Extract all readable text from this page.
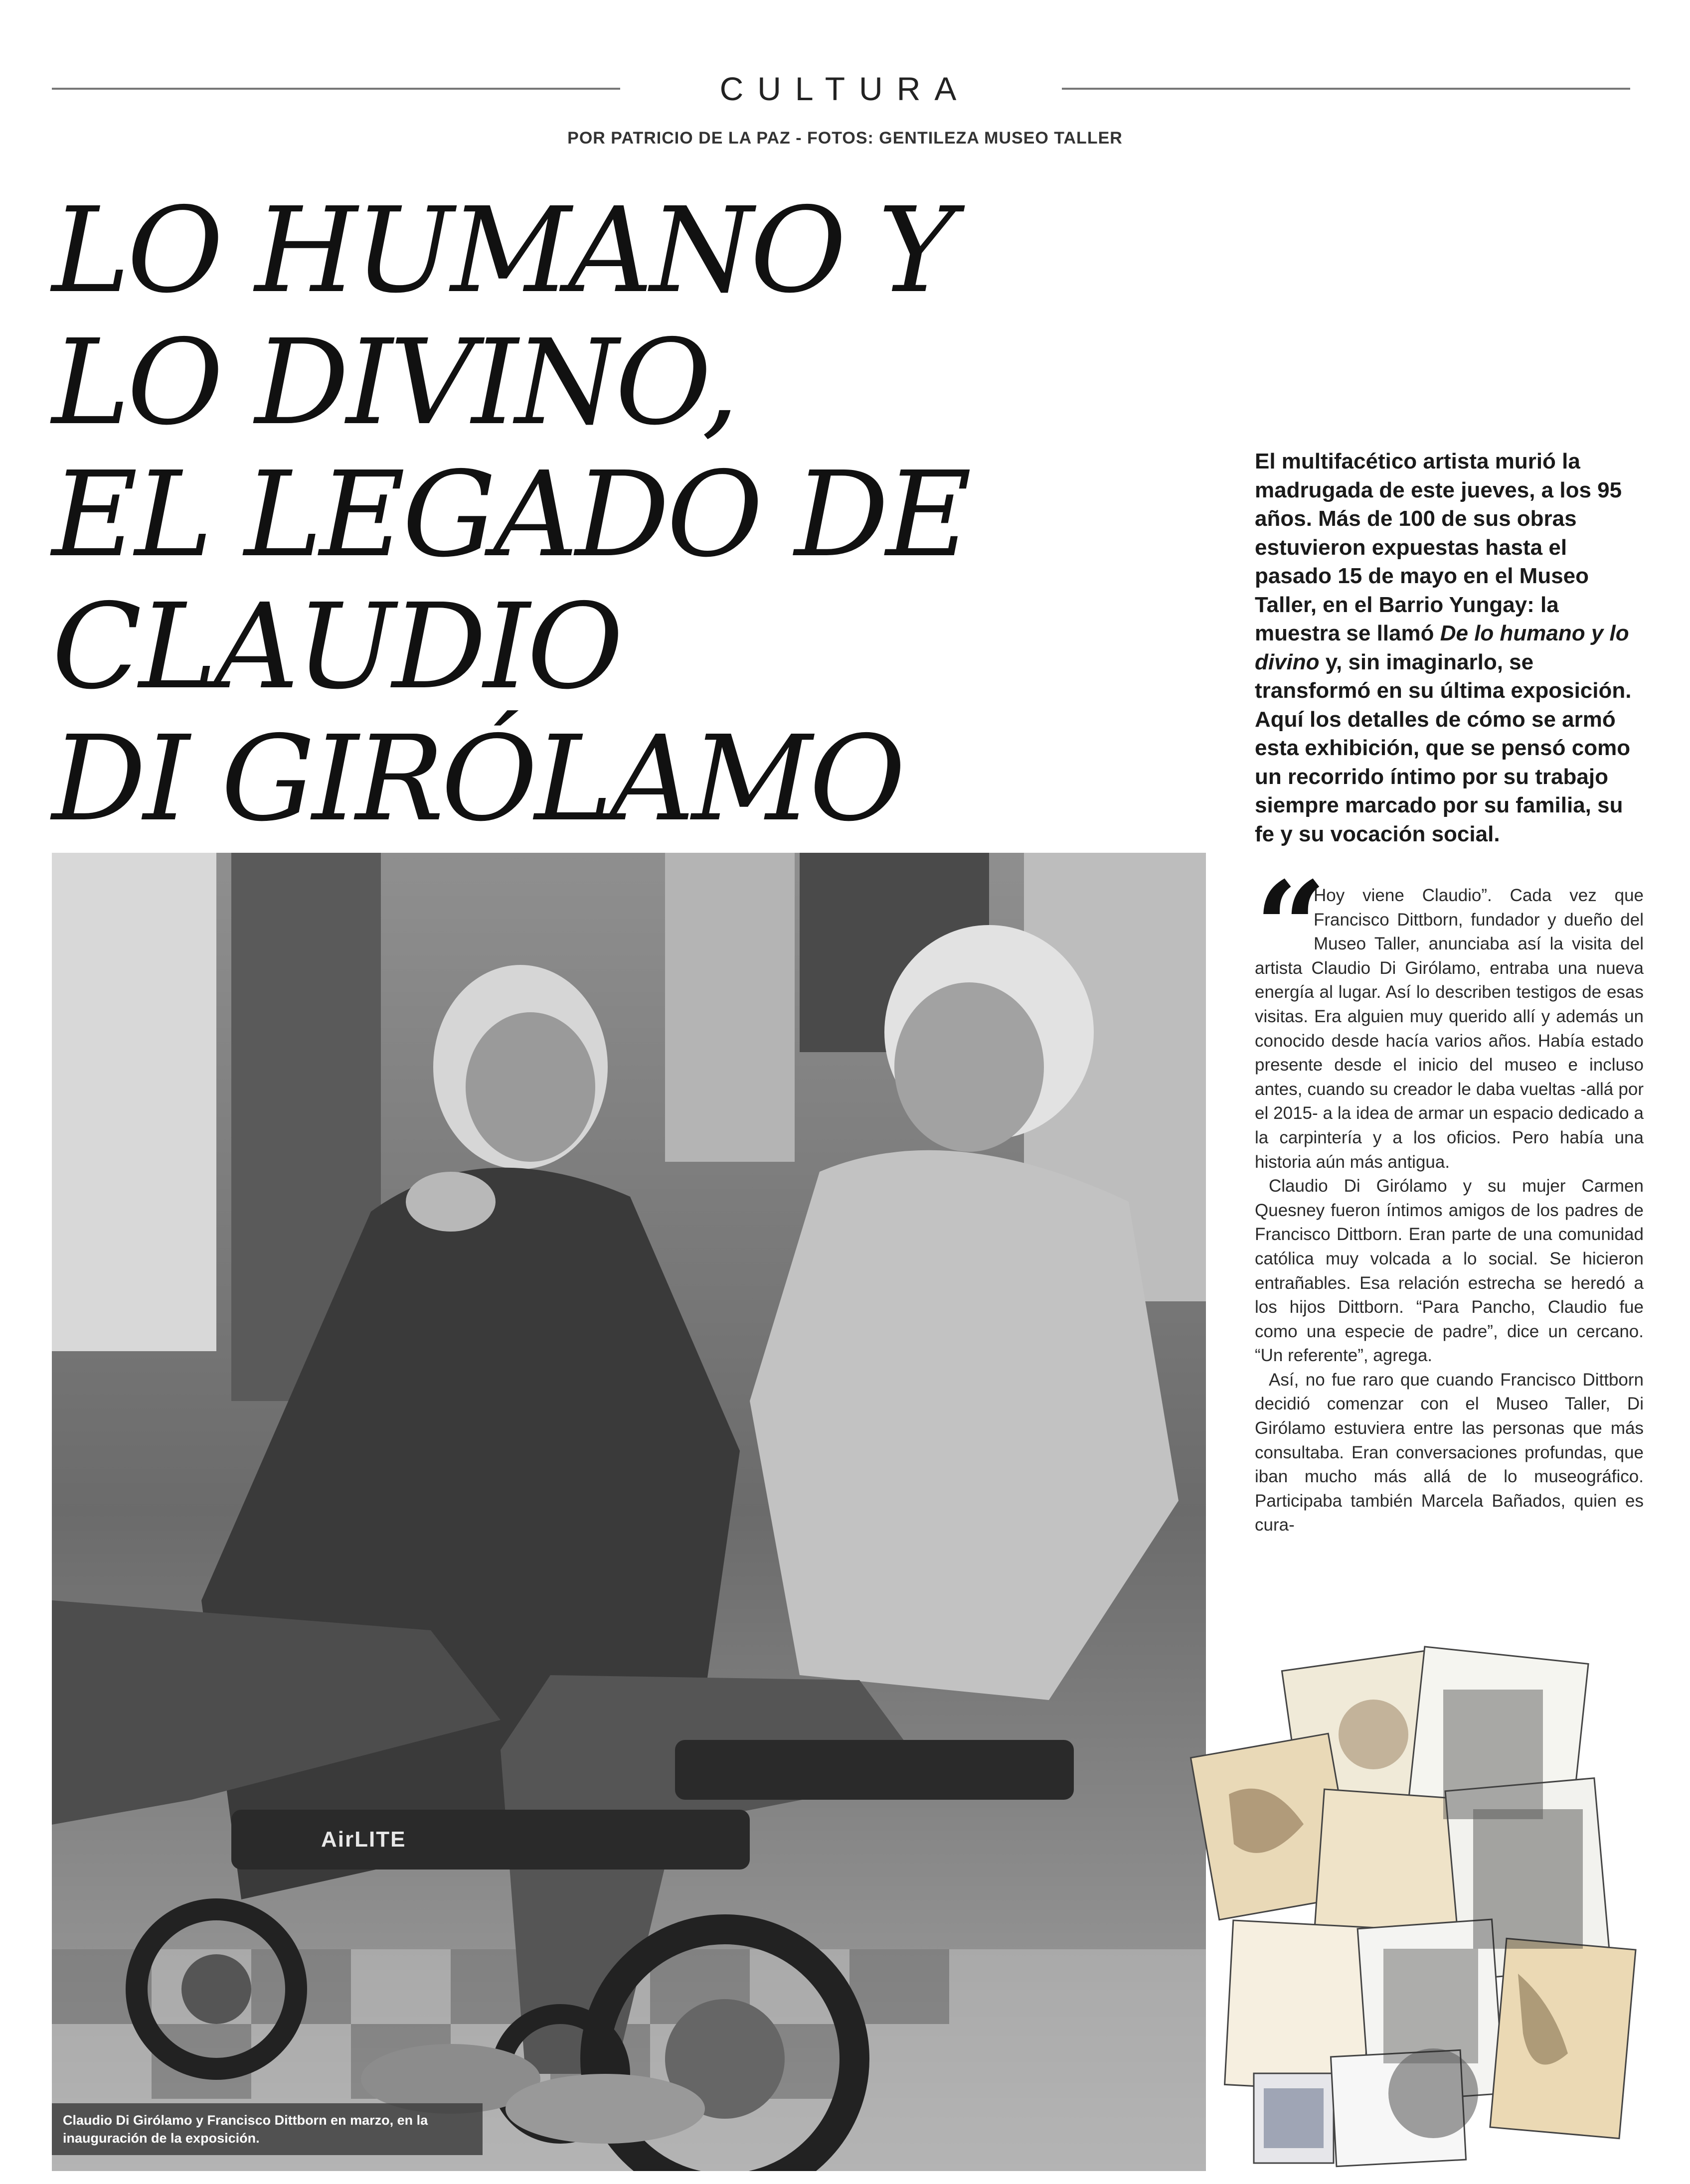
CULTURA
POR PATRICIO DE LA PAZ - FOTOS: GENTILEZA MUSEO TALLER
LO HUMANO Y
LO DIVINO,
EL LEGADO DE
CLAUDIO
DI GIRÓLAMO
El multifacético artista murió la madrugada de este jueves, a los 95 años. Más de 100 de sus obras estuvieron expuestas hasta el pasado 15 de mayo en el Museo Taller, en el Barrio Yungay: la muestra se llamó De lo humano y lo divino y, sin imaginarlo, se transformó en su última exposición. Aquí los detalles de cómo se armó esta exhibición, que se pensó como un recorrido íntimo por su trabajo siempre marcado por su familia, su fe y su vocación social.
“

Hoy viene Claudio”. Cada vez que Francisco Dittborn, fundador y dueño del Museo Taller, anunciaba así la visita del artista Claudio Di Girólamo, entraba una nueva energía al lugar. Así lo describen testigos de esas visitas. Era alguien muy querido allí y además un conocido desde hacía varios años. Había estado presente desde el inicio del museo e incluso antes, cuando su creador le daba vueltas -allá por el 2015- a la idea de armar un espacio dedicado a la carpintería y a los oficios. Pero había una historia aún más antigua.

Claudio Di Girólamo y su mujer Carmen Quesney fueron íntimos amigos de los padres de Francisco Dittborn. Eran parte de una comunidad católica muy volcada a lo social. Se hicieron entrañables. Esa relación estrecha se heredó a los hijos Dittborn. “Para Pancho, Claudio fue como una especie de padre”, dice un cercano. “Un referente”, agrega.

Así, no fue raro que cuando Francisco Dittborn decidió comenzar con el Museo Taller, Di Girólamo estuviera entre las personas que más consultaba. Eran conversaciones profundas, que iban mucho más allá de lo museográfico. Participaba también Marcela Bañados, quien es cura-

AirLITE
Claudio Di Girólamo y Francisco Dittborn en marzo, en la inauguración de la exposición.
